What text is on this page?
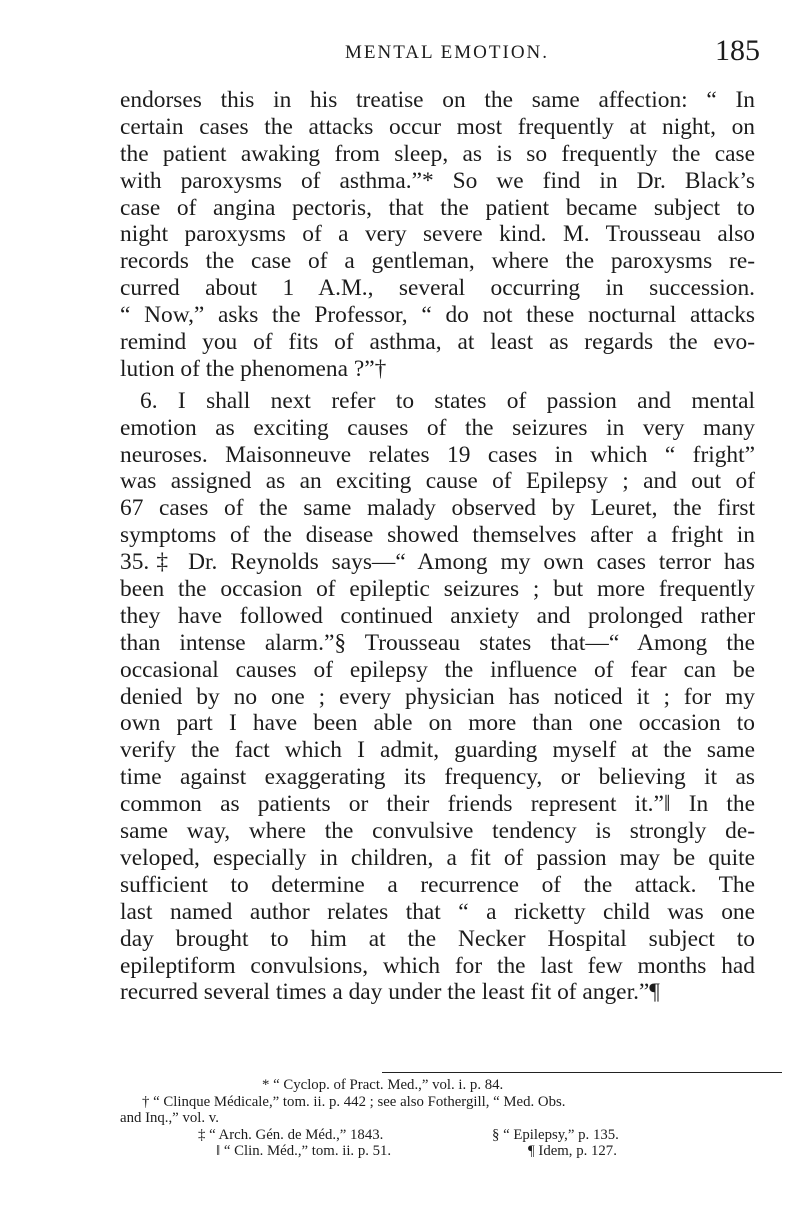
MENTAL EMOTION.	185
endorses this in his treatise on the same affection: “ In
certain cases the attacks occur most frequently at night, on
the patient awaking from sleep, as is so frequently the case
with paroxysms of asthma.”* So we find in Dr. Black’s
case of angina pectoris, that the patient became subject to
night paroxysms of a very severe kind. M. Trousseau also
records the case of a gentleman, where the paroxysms re-
curred about 1 A.M., several occurring in succession.
“ Now,” asks the Professor, “ do not these nocturnal attacks
remind you of fits of asthma, at least as regards the evo-
lution of the phenomena ?”†
6. I shall next refer to states of passion and mental
emotion as exciting causes of the seizures in very many
neuroses. Maisonneuve relates 19 cases in which “ fright”
was assigned as an exciting cause of Epilepsy ; and out of
67 cases of the same malady observed by Leuret, the first
symptoms of the disease showed themselves after a fright in
35.‡ Dr. Reynolds says—“ Among my own cases terror has
been the occasion of epileptic seizures ; but more frequently
they have followed continued anxiety and prolonged rather
than intense alarm.”§ Trousseau states that—“ Among the
occasional causes of epilepsy the influence of fear can be
denied by no one ; every physician has noticed it ; for my
own part I have been able on more than one occasion to
verify the fact which I admit, guarding myself at the same
time against exaggerating its frequency, or believing it as
common as patients or their friends represent it.”‖ In the
same way, where the convulsive tendency is strongly de-
veloped, especially in children, a fit of passion may be quite
sufficient to determine a recurrence of the attack. The
last named author relates that “ a ricketty child was one
day brought to him at the Necker Hospital subject to
epileptiform convulsions, which for the last few months had
recurred several times a day under the least fit of anger.”¶
* “ Cyclop. of Pract. Med.,” vol. i. p. 84.
† “ Clinque Médicale,” tom. ii. p. 442 ; see also Fothergill, “ Med. Obs.
and Inq.,” vol. v.
‡ “ Arch. Gén. de Méd.,” 1843.	§ “ Epilepsy,” p. 135.
‖ “ Clin. Méd.,” tom. ii. p. 51.	¶ Idem, p. 127.
